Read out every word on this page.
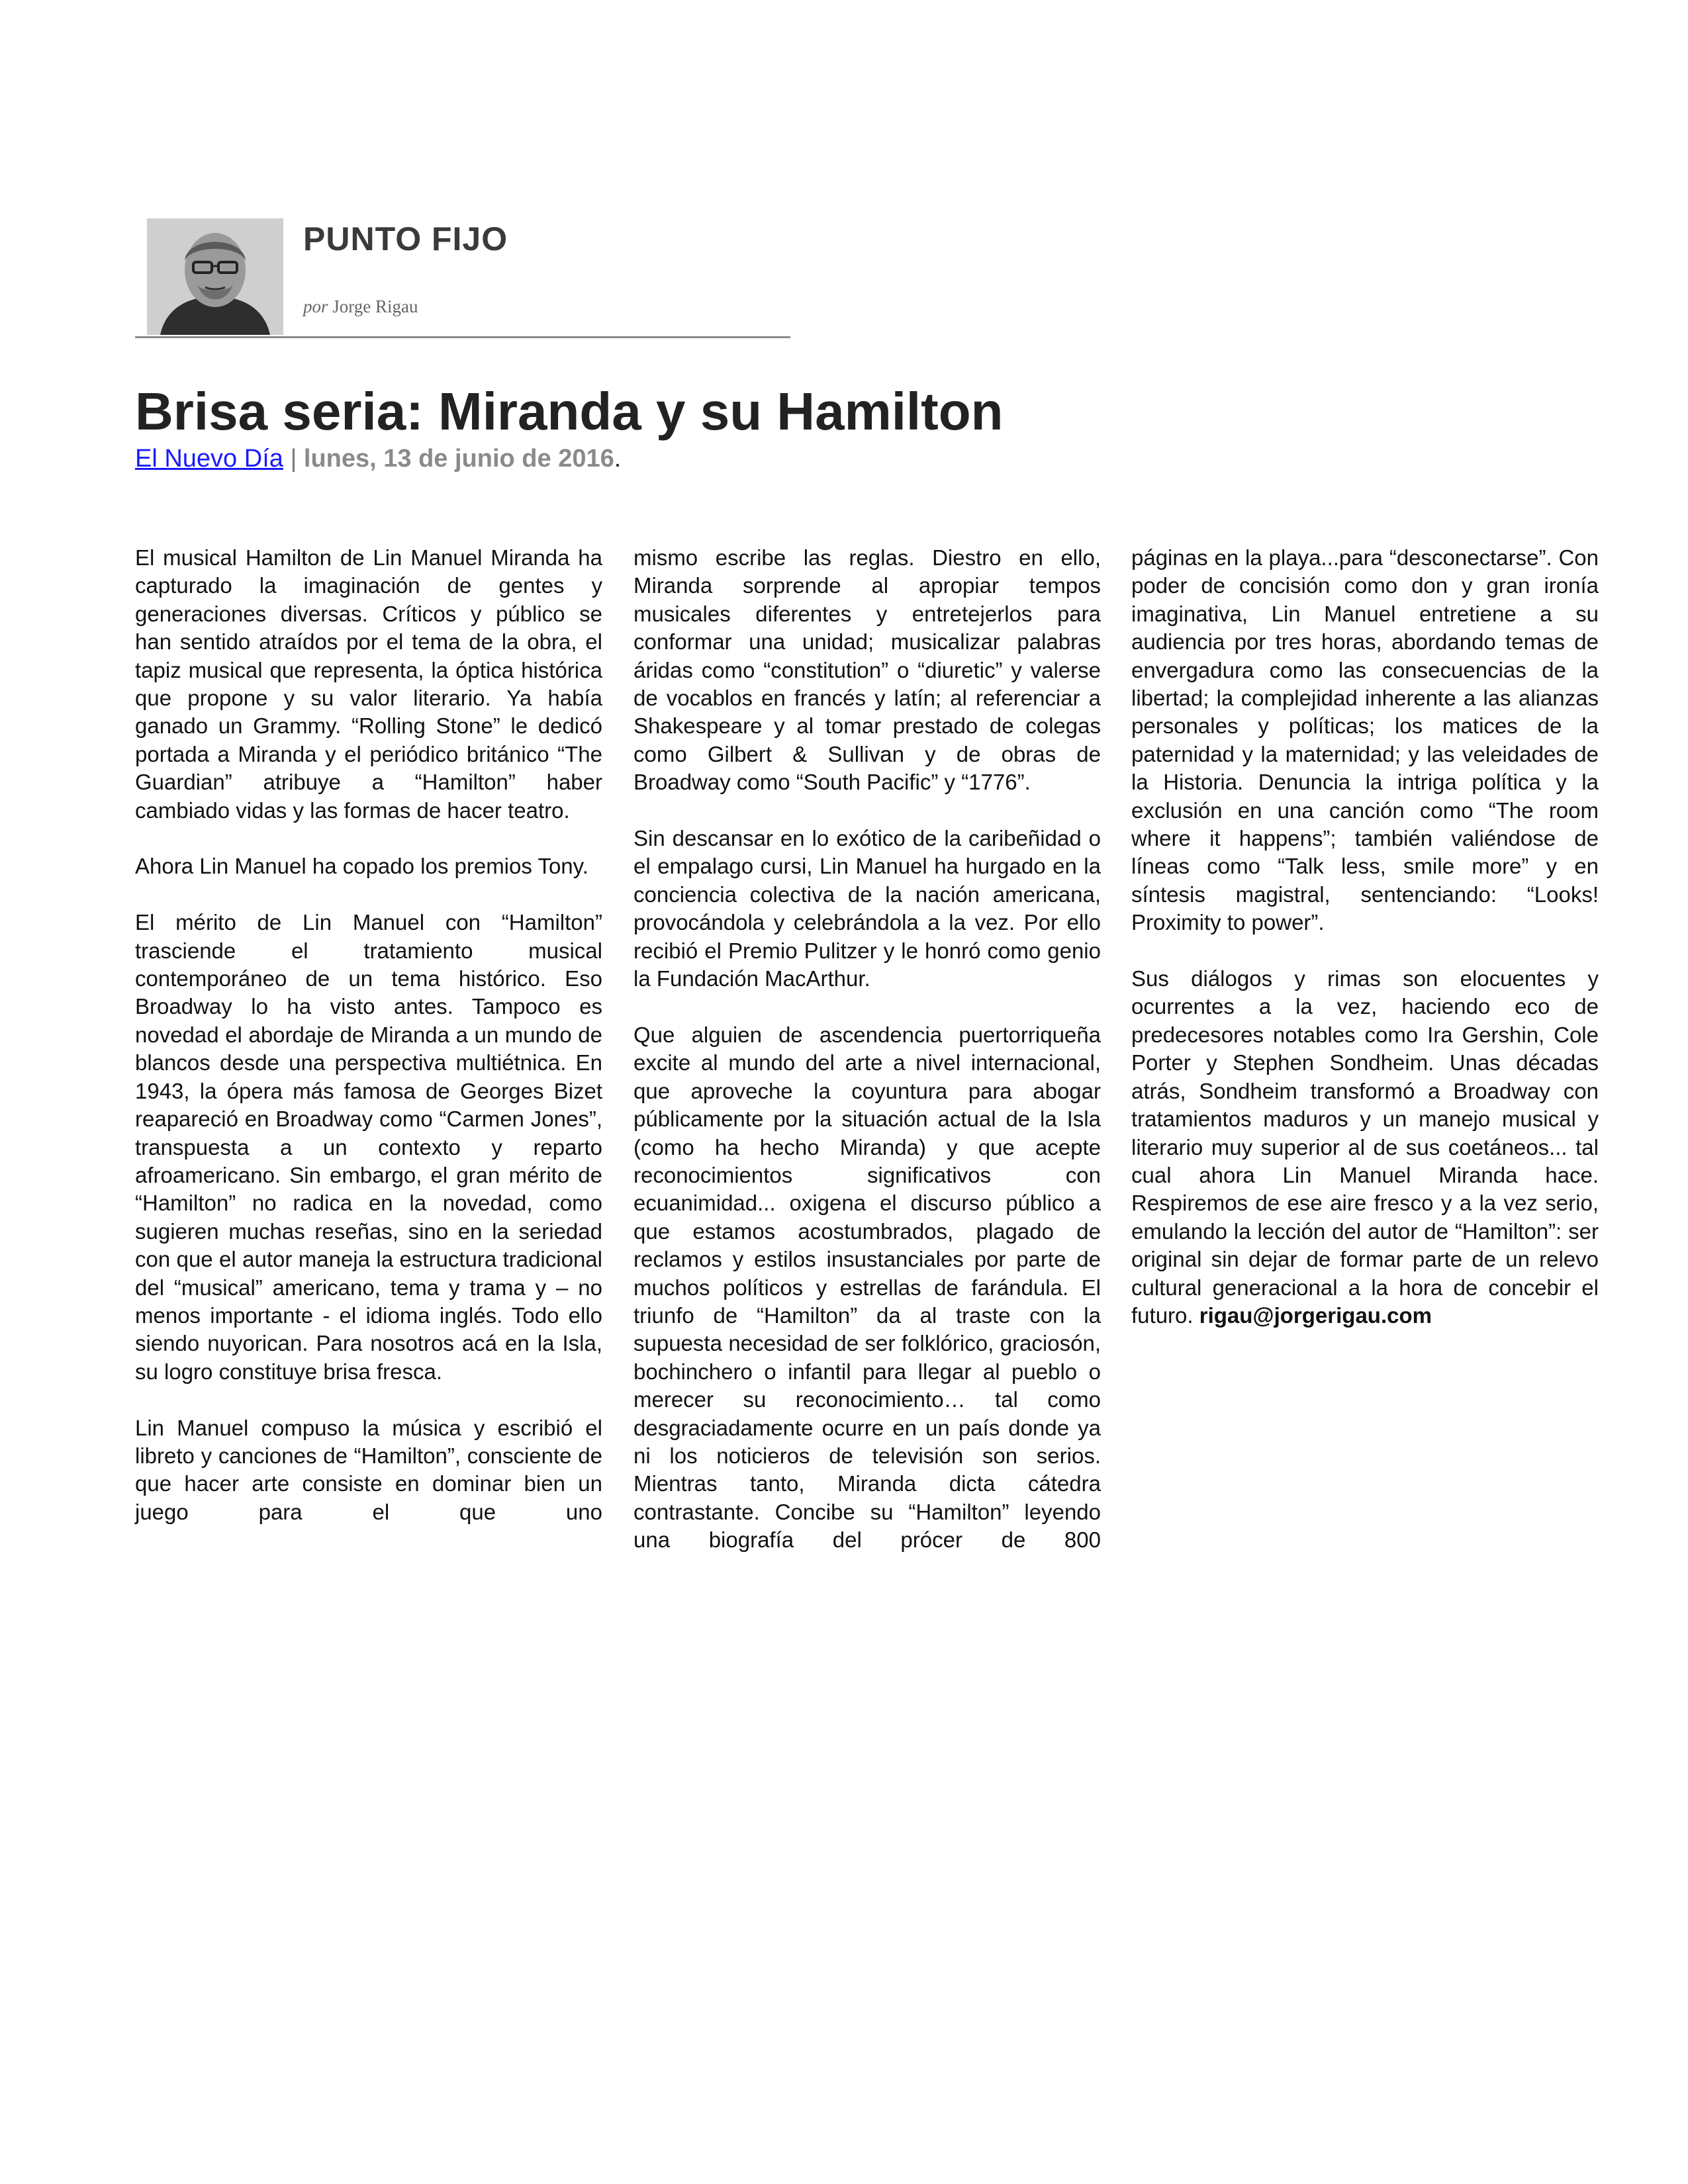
PUNTO FIJO
por Jorge Rigau
Brisa seria: Miranda y su Hamilton
El Nuevo Día | lunes, 13 de junio de 2016.

El musical Hamilton de Lin Manuel Miranda ha capturado la imaginación de gentes y generaciones diversas. Críticos y público se han sentido atraídos por el tema de la obra, el tapiz musical que representa, la óptica histórica que propone y su valor literario. Ya había ganado un Grammy. “Rolling Stone” le dedicó portada a Miranda y el periódico británico “The Guardian” atribuye a “Hamilton” haber cambiado vidas y las formas de hacer teatro.

Ahora Lin Manuel ha copado los premios Tony.

El mérito de Lin Manuel con “Hamilton” trasciende el tratamiento musical contemporáneo de un tema histórico. Eso Broadway lo ha visto antes. Tampoco es novedad el abordaje de Miranda a un mundo de blancos desde una perspectiva multiétnica. En 1943, la ópera más famosa de Georges Bizet reapareció en Broadway como “Carmen Jones”, transpuesta a un contexto y reparto afroamericano. Sin embargo, el gran mérito de “Hamilton” no radica en la novedad, como sugieren muchas reseñas, sino en la seriedad con que el autor maneja la estructura tradicional del “musical” americano, tema y trama y – no menos importante - el idioma inglés. Todo ello siendo nuyorican. Para nosotros acá en la Isla, su logro constituye brisa fresca.

Lin Manuel compuso la música y escribió el libreto y canciones de “Hamilton”, consciente de que hacer arte consiste en dominar bien un juego para el que uno

mismo escribe las reglas. Diestro en ello, Miranda sorprende al apropiar tempos musicales diferentes y entretejerlos para conformar una unidad; musicalizar palabras áridas como “constitution” o “diuretic” y valerse de vocablos en francés y latín; al referenciar a Shakespeare y al tomar prestado de colegas como Gilbert & Sullivan y de obras de Broadway como “South Pacific” y “1776”.

Sin descansar en lo exótico de la caribeñidad o el empalago cursi, Lin Manuel ha hurgado en la conciencia colectiva de la nación americana, provocándola y celebrándola a la vez. Por ello recibió el Premio Pulitzer y le honró como genio la Fundación MacArthur.

Que alguien de ascendencia puertorriqueña excite al mundo del arte a nivel internacional, que aproveche la coyuntura para abogar públicamente por la situación actual de la Isla (como ha hecho Miranda) y que acepte reconocimientos significativos con ecuanimidad... oxigena el discurso público a que estamos acostumbrados, plagado de reclamos y estilos insustanciales por parte de muchos políticos y estrellas de farándula. El triunfo de “Hamilton” da al traste con la supuesta necesidad de ser folklórico, graciosón, bochinchero o infantil para llegar al pueblo o merecer su reconocimiento… tal como desgraciadamente ocurre en un país donde ya ni los noticieros de televisión son serios. Mientras tanto, Miranda dicta cátedra contrastante. Concibe su “Hamilton” leyendo una biografía del prócer de 800

páginas en la playa...para “desconectarse”. Con poder de concisión como don y gran ironía imaginativa, Lin Manuel entretiene a su audiencia por tres horas, abordando temas de envergadura como las consecuencias de la libertad; la complejidad inherente a las alianzas personales y políticas; los matices de la paternidad y la maternidad; y las veleidades de la Historia. Denuncia la intriga política y la exclusión en una canción como “The room where it happens”; también valiéndose de líneas como “Talk less, smile more” y en síntesis magistral, sentenciando: “Looks! Proximity to power”.

Sus diálogos y rimas son elocuentes y ocurrentes a la vez, haciendo eco de predecesores notables como Ira Gershin, Cole Porter y Stephen Sondheim. Unas décadas atrás, Sondheim transformó a Broadway con tratamientos maduros y un manejo musical y literario muy superior al de sus coetáneos... tal cual ahora Lin Manuel Miranda hace. Respiremos de ese aire fresco y a la vez serio, emulando la lección del autor de “Hamilton”: ser original sin dejar de formar parte de un relevo cultural generacional a la hora de concebir el futuro. rigau@jorgerigau.com
